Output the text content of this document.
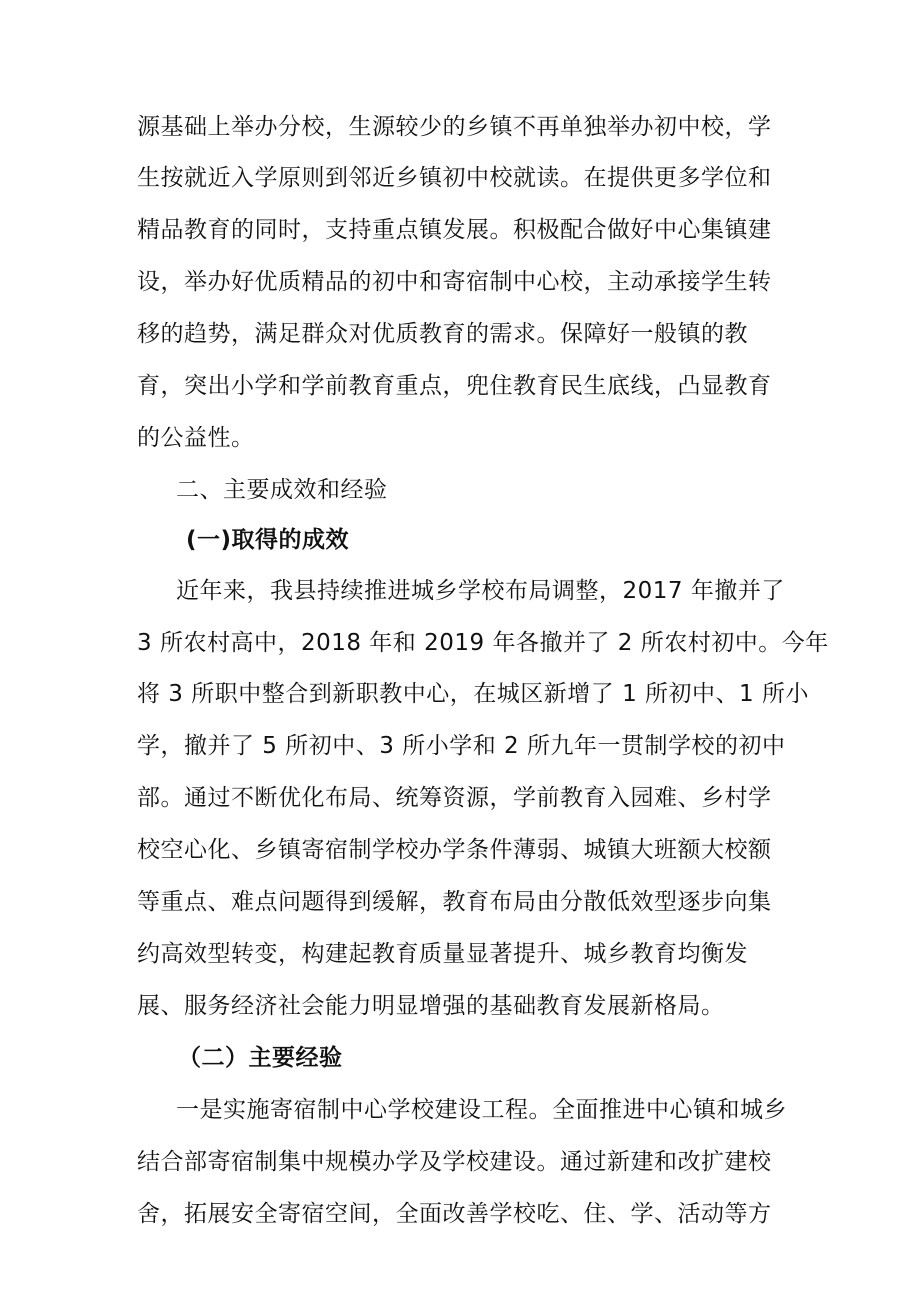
源基础上举办分校，生源较少的乡镇不再单独举办初中校，学
生按就近入学原则到邻近乡镇初中校就读。在提供更多学位和
精品教育的同时，支持重点镇发展。积极配合做好中心集镇建
设，举办好优质精品的初中和寄宿制中心校，主动承接学生转
移的趋势，满足群众对优质教育的需求。保障好一般镇的教
育，突出小学和学前教育重点，兜住教育民生底线，凸显教育
的公益性。
二、主要成效和经验
(一)取得的成效
近年来，我县持续推进城乡学校布局调整，2017 年撤并了
3 所农村高中，2018 年和 2019 年各撤并了 2 所农村初中。今年
将 3 所职中整合到新职教中心，在城区新增了 1 所初中、1 所小
学，撤并了 5 所初中、3 所小学和 2 所九年一贯制学校的初中
部。通过不断优化布局、统筹资源，学前教育入园难、乡村学
校空心化、乡镇寄宿制学校办学条件薄弱、城镇大班额大校额
等重点、难点问题得到缓解，教育布局由分散低效型逐步向集
约高效型转变，构建起教育质量显著提升、城乡教育均衡发
展、服务经济社会能力明显增强的基础教育发展新格局。
（二）主要经验
一是实施寄宿制中心学校建设工程。全面推进中心镇和城乡
结合部寄宿制集中规模办学及学校建设。通过新建和改扩建校
舍，拓展安全寄宿空间，全面改善学校吃、住、学、活动等方
